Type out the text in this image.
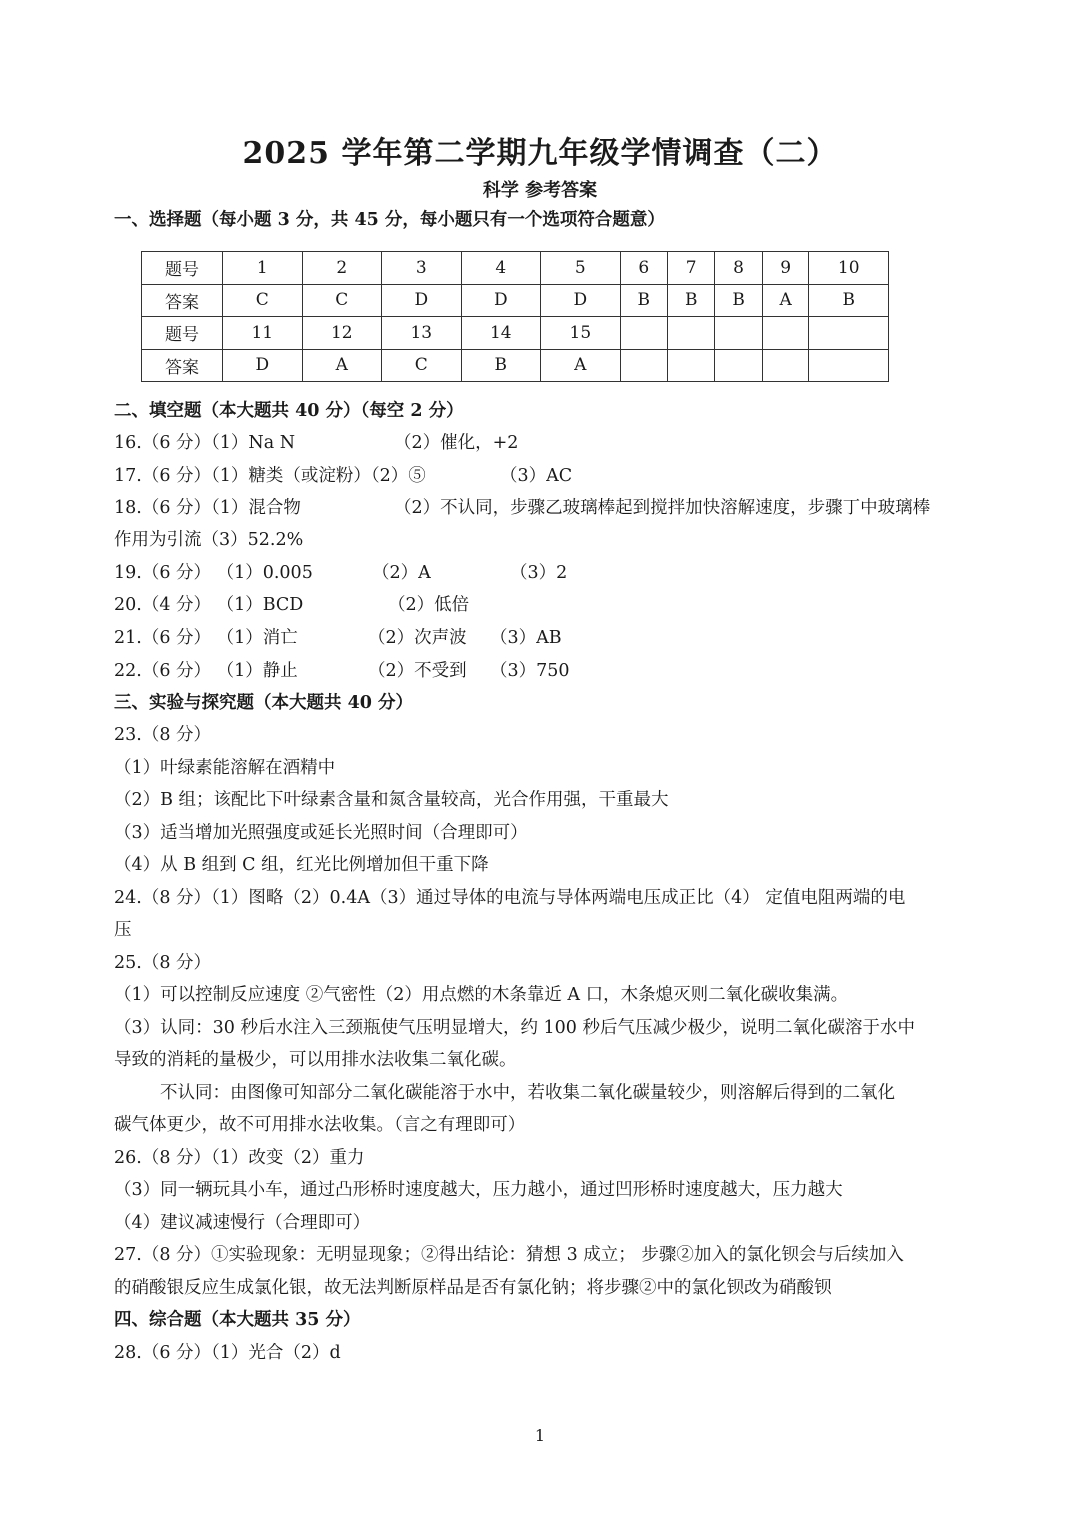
2025 学年第二学期九年级学情调查（二）
科学 参考答案
一、选择题（每小题 3 分，共 45 分，每小题只有一个选项符合题意）
题号	1	2	3	4	5	6	7	8	9	10
答案	C	C	D	D	D	B	B	B	A	B
题号	11	12	13	14	15					
答案	D	A	C	B	A					
二、填空题（本大题共 40 分）（每空 2 分）
16.（6 分）（1）Na N	（2）催化，+2
17.（6 分）（1）糖类（或淀粉）（2）⑤	（3）AC
18.（6 分）（1）混合物	（2）不认同，步骤乙玻璃棒起到搅拌加快溶解速度，步骤丁中玻璃棒
作用为引流（3）52.2%
19.（6 分） （1）0.005	（2）A	（3）2
20.（4 分） （1）BCD	（2）低倍
21.（6 分） （1）消亡	（2）次声波 （3）AB
22.（6 分） （1）静止	（2）不受到 （3）750
三、实验与探究题（本大题共 40 分）
23.（8 分）
（1）叶绿素能溶解在酒精中
（2）B 组；该配比下叶绿素含量和氮含量较高，光合作用强，干重最大
（3）适当增加光照强度或延长光照时间（合理即可）
（4）从 B 组到 C 组，红光比例增加但干重下降
24.（8 分）（1）图略（2）0.4A（3）通过导体的电流与导体两端电压成正比（4） 定值电阻两端的电
压
25.（8 分）
（1）可以控制反应速度 ②气密性（2）用点燃的木条靠近 A 口，木条熄灭则二氧化碳收集满。
（3）认同：30 秒后水注入三颈瓶使气压明显增大，约 100 秒后气压减少极少，说明二氧化碳溶于水中
导致的消耗的量极少，可以用排水法收集二氧化碳。
不认同：由图像可知部分二氧化碳能溶于水中，若收集二氧化碳量较少，则溶解后得到的二氧化
碳气体更少，故不可用排水法收集。（言之有理即可）
26.（8 分）（1）改变（2）重力
（3）同一辆玩具小车，通过凸形桥时速度越大，压力越小，通过凹形桥时速度越大，压力越大
（4）建议减速慢行（合理即可）
27.（8 分）①实验现象：无明显现象；②得出结论：猜想 3 成立； 步骤②加入的氯化钡会与后续加入
的硝酸银反应生成氯化银，故无法判断原样品是否有氯化钠；将步骤②中的氯化钡改为硝酸钡
四、综合题（本大题共 35 分）
28.（6 分）（1）光合（2）d
1
